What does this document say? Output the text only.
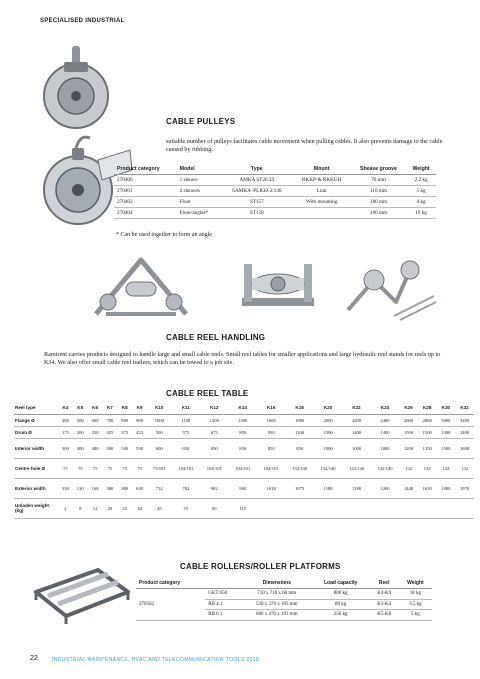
SPECIALISED INDUSTRIAL
CABLE PULLEYS
suitable number of pulleys facilitates cable movement when pulling cables. It also prevents damage to the cable caused by rubbing.
Product category	Model	Type	Mount	Sheave groove	Weight
270400	1 sheave	AMKA ST26.33	RKKP-& RKKUH	76 mm	2,2 kg
270401	2 sheaves	SAMKA /PLR30-2/130	Link	110 mm	5 kg
270402	Floor	ST157	With mounting	180 mm	4 kg
270404	Floor/angles*	ST158		180 mm	10 kg
* Can be used together to form an angle
CABLE REEL HANDLING
Ramirent carries products designed to handle large and small cable reels. Small reel tables for smaller applications and large hydraulic reel stands for reels up to K34. We also offer small cable reel trailers, which can be towed to a job site.
CABLE REEL TABLE
Reel type	K4	K5	K6	K7	K8	K9	K10	K11	K12	K14	K16	K18	K20	K22	K24	K26	K28	K30	K32
Flange Ø	400	500	600	700	800	900	1000	1100	1200	1400	1600	1800	2000	2200	2400	2600	2800	3000	3200
Drum Ø	175	200	250	325	375	425	500	575	675	800	950	1100	1300	1400	1400	1500	1500	1300	2400
Interior width	300	400	400	500	500	530	600	650	850	850	850	850	1000	1000	1000	1200	1350	1500	1600
Centre hole Ø	75	75	75	75	75	75	75/101	104/101	104/101	104/101	104/101	132/140	132/140	132/140	132/140	132	132	132	132
Exterior width	330	130	168	380	380	630	712	762	982	982	1018	1075	1188	1188	1200	1448	1650	1800	1970
Unladen weight (kg)	2	8	12	20	25	34	45	55	90	115									
CABLE ROLLERS/ROLLER PLATFORMS
Product category		Dimensions	Load capacity	Reel	Weight
270502	GKT 650	710 x 710 x 60 mm	800 kg	K4-K9	18 kg
	RB 4.1	530 x 370 x 103 mm	80 kg	K3-K4	3,5 kg
	RB 6.1	680 x 470 x 103 mm	250 kg	K5-K8	5 kg
22	INDUSTRIAL MAINTENANCE, HVAC AND TELECOMMUNICATION TOOLS 2018
